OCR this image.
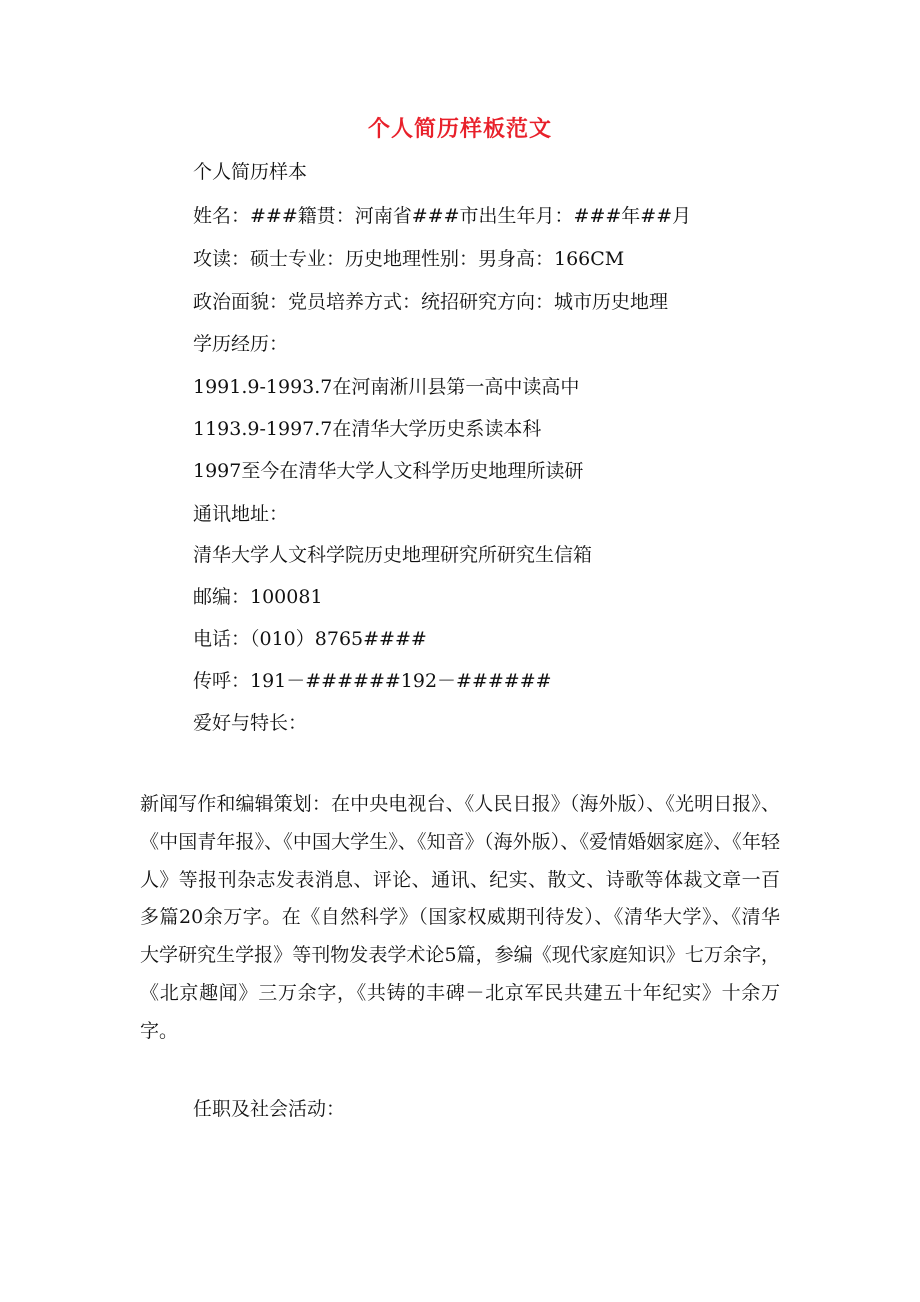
个人简历样板范文
个人简历样本
姓名：###籍贯：河南省###市出生年月：###年##月
攻读：硕士专业：历史地理性别：男身高：166CM
政治面貌：党员培养方式：统招研究方向：城市历史地理
学历经历：
1991.9-1993.7在河南淅川县第一高中读高中
1193.9-1997.7在清华大学历史系读本科
1997至今在清华大学人文科学历史地理所读研
通讯地址：
清华大学人文科学院历史地理研究所研究生信箱
邮编：100081
电话：（010）8765####
传呼：191－######192－######
爱好与特长：
新闻写作和编辑策划：在中央电视台、《人民日报》（海外版）、《光明日报》、《中国青年报》、《中国大学生》、《知音》（海外版）、《爱情婚姻家庭》、《年轻人》等报刊杂志发表消息、评论、通讯、纪实、散文、诗歌等体裁文章一百多篇20余万字。在《自然科学》（国家权威期刊待发）、《清华大学》、《清华大学研究生学报》等刊物发表学术论5篇，参编《现代家庭知识》七万余字，《北京趣闻》三万余字，《共铸的丰碑－北京军民共建五十年纪实》十余万字。
任职及社会活动：
